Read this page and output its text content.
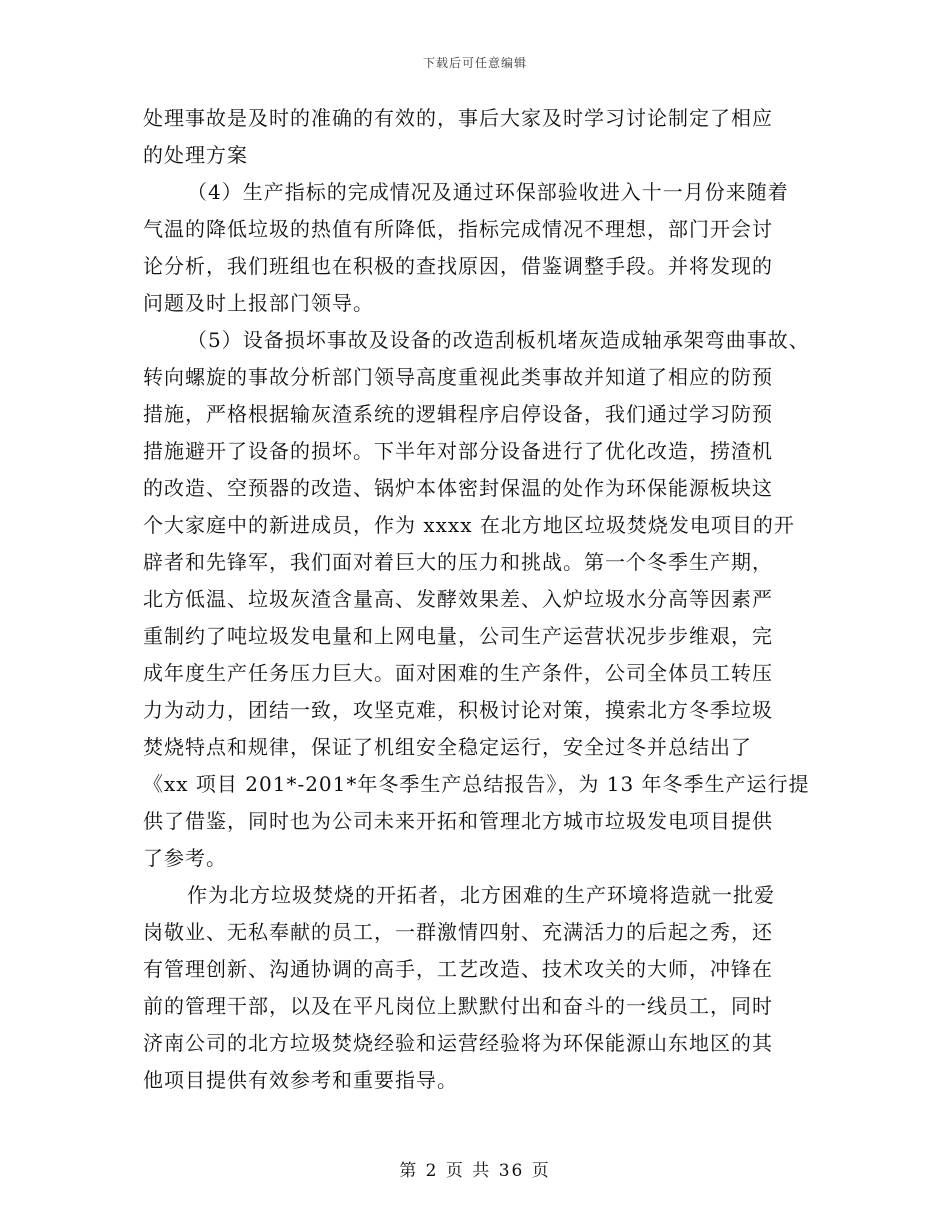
下载后可任意编辑
处理事故是及时的准确的有效的，事后大家及时学习讨论制定了相应
的处理方案
（4）生产指标的完成情况及通过环保部验收进入十一月份来随着
气温的降低垃圾的热值有所降低，指标完成情况不理想，部门开会讨
论分析，我们班组也在积极的查找原因，借鉴调整手段。并将发现的
问题及时上报部门领导。
（5）设备损坏事故及设备的改造刮板机堵灰造成轴承架弯曲事故、
转向螺旋的事故分析部门领导高度重视此类事故并知道了相应的防预
措施，严格根据输灰渣系统的逻辑程序启停设备，我们通过学习防预
措施避开了设备的损坏。下半年对部分设备进行了优化改造，捞渣机
的改造、空预器的改造、锅炉本体密封保温的处作为环保能源板块这
个大家庭中的新进成员，作为 xxxx 在北方地区垃圾焚烧发电项目的开
辟者和先锋军，我们面对着巨大的压力和挑战。第一个冬季生产期，
北方低温、垃圾灰渣含量高、发酵效果差、入炉垃圾水分高等因素严
重制约了吨垃圾发电量和上网电量，公司生产运营状况步步维艰，完
成年度生产任务压力巨大。面对困难的生产条件，公司全体员工转压
力为动力，团结一致，攻坚克难，积极讨论对策，摸索北方冬季垃圾
焚烧特点和规律，保证了机组安全稳定运行，安全过冬并总结出了
《xx 项目 201*-201*年冬季生产总结报告》，为 13 年冬季生产运行提
供了借鉴，同时也为公司未来开拓和管理北方城市垃圾发电项目提供
了参考。
作为北方垃圾焚烧的开拓者，北方困难的生产环境将造就一批爱
岗敬业、无私奉献的员工，一群激情四射、充满活力的后起之秀，还
有管理创新、沟通协调的高手，工艺改造、技术攻关的大师，冲锋在
前的管理干部，以及在平凡岗位上默默付出和奋斗的一线员工，同时
济南公司的北方垃圾焚烧经验和运营经验将为环保能源山东地区的其
他项目提供有效参考和重要指导。
第 2 页 共 36 页
